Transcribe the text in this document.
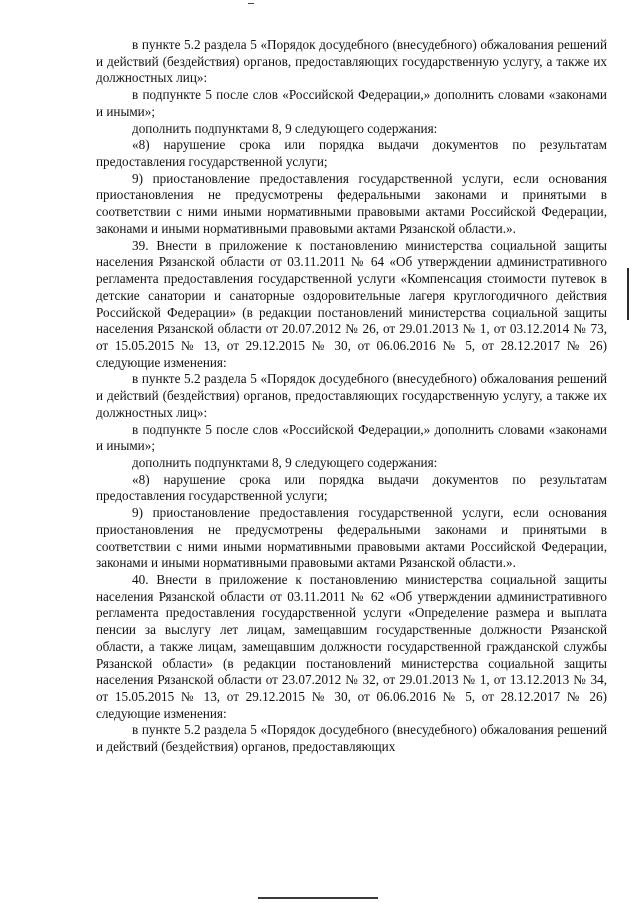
в пункте 5.2 раздела 5 «Порядок досудебного (внесудебного) обжалования решений и действий (бездействия) органов, предоставляющих государственную услугу, а также их должностных лиц»:

в подпункте 5 после слов «Российской Федерации,» дополнить словами «законами и иными»;

дополнить подпунктами 8, 9 следующего содержания:

«8) нарушение срока или порядка выдачи документов по результатам предоставления государственной услуги;

9) приостановление предоставления государственной услуги, если основания приостановления не предусмотрены федеральными законами и принятыми в соответствии с ними иными нормативными правовыми актами Российской Федерации, законами и иными нормативными правовыми актами Рязанской области.».

39. Внести в приложение к постановлению министерства социальной защиты населения Рязанской области от 03.11.2011 № 64 «Об утверждении административного регламента предоставления государственной услуги «Компенсация стоимости путевок в детские санатории и санаторные оздоровительные лагеря круглогодичного действия Российской Федерации» (в редакции постановлений министерства социальной защиты населения Рязанской области от 20.07.2012 № 26, от 29.01.2013 № 1, от 03.12.2014 № 73, от 15.05.2015 № 13, от 29.12.2015 № 30, от 06.06.2016 № 5, от 28.12.2017 № 26) следующие изменения:

в пункте 5.2 раздела 5 «Порядок досудебного (внесудебного) обжалования решений и действий (бездействия) органов, предоставляющих государственную услугу, а также их должностных лиц»:

в подпункте 5 после слов «Российской Федерации,» дополнить словами «законами и иными»;

дополнить подпунктами 8, 9 следующего содержания:

«8) нарушение срока или порядка выдачи документов по результатам предоставления государственной услуги;

9) приостановление предоставления государственной услуги, если основания приостановления не предусмотрены федеральными законами и принятыми в соответствии с ними иными нормативными правовыми актами Российской Федерации, законами и иными нормативными правовыми актами Рязанской области.».

40. Внести в приложение к постановлению министерства социальной защиты населения Рязанской области от 03.11.2011 № 62 «Об утверждении административного регламента предоставления государственной услуги «Определение размера и выплата пенсии за выслугу лет лицам, замещавшим государственные должности Рязанской области, а также лицам, замещавшим должности государственной гражданской службы Рязанской области» (в редакции постановлений министерства социальной защиты населения Рязанской области от 23.07.2012 № 32, от 29.01.2013 № 1, от 13.12.2013 № 34, от 15.05.2015 № 13, от 29.12.2015 № 30, от 06.06.2016 № 5, от 28.12.2017 № 26) следующие изменения:

в пункте 5.2 раздела 5 «Порядок досудебного (внесудебного) обжалования решений и действий (бездействия) органов, предоставляющих
